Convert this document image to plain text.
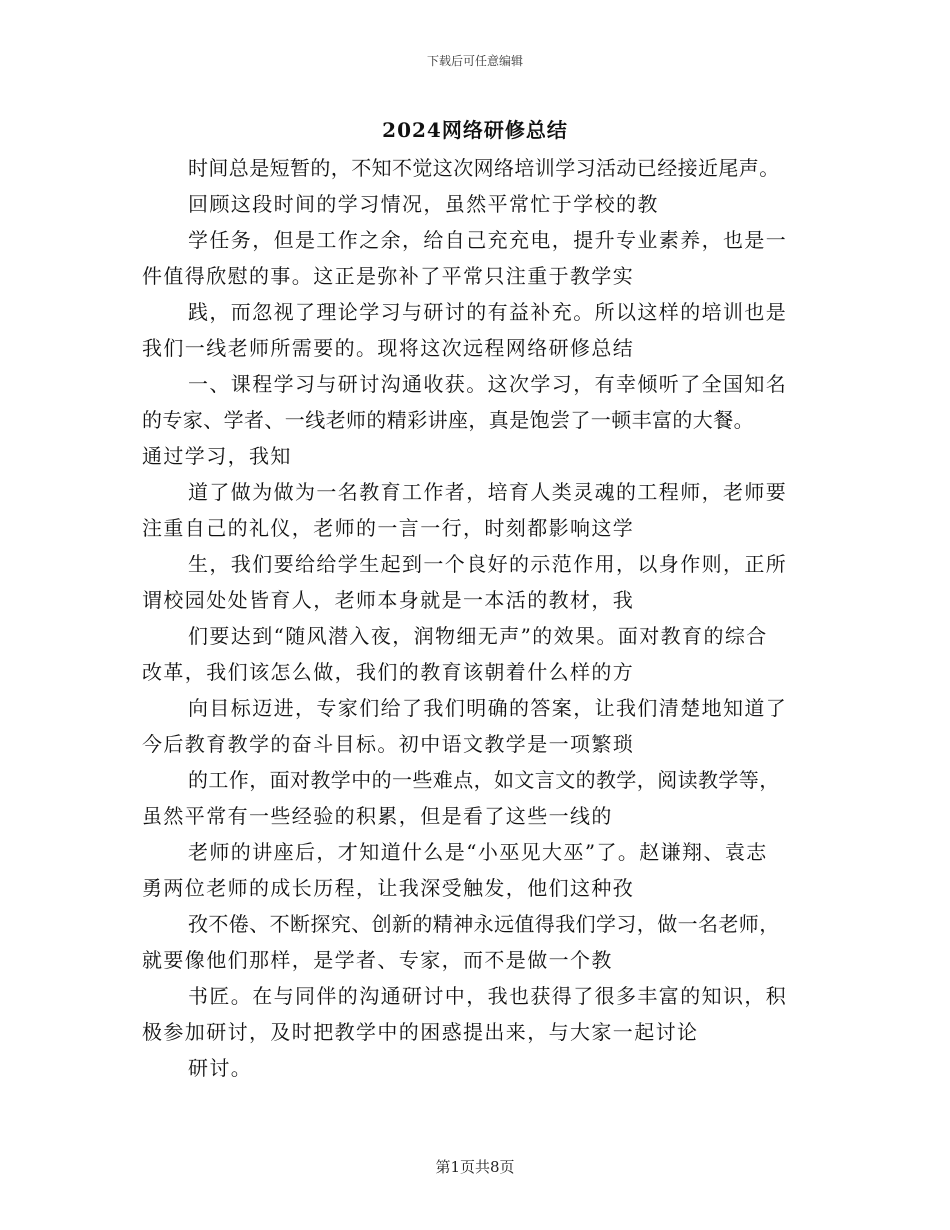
下载后可任意编辑
2024网络研修总结
时间总是短暂的，不知不觉这次网络培训学习活动已经接近尾声。
回顾这段时间的学习情况，虽然平常忙于学校的教
学任务，但是工作之余，给自己充充电，提升专业素养，也是一
件值得欣慰的事。这正是弥补了平常只注重于教学实
践，而忽视了理论学习与研讨的有益补充。所以这样的培训也是
我们一线老师所需要的。现将这次远程网络研修总结
一、课程学习与研讨沟通收获。这次学习，有幸倾听了全国知名
的专家、学者、一线老师的精彩讲座，真是饱尝了一顿丰富的大餐。
通过学习，我知
道了做为做为一名教育工作者，培育人类灵魂的工程师，老师要
注重自己的礼仪，老师的一言一行，时刻都影响这学
生，我们要给给学生起到一个良好的示范作用，以身作则，正所
谓校园处处皆育人，老师本身就是一本活的教材，我
们要达到“随风潜入夜，润物细无声”的效果。面对教育的综合
改革，我们该怎么做，我们的教育该朝着什么样的方
向目标迈进，专家们给了我们明确的答案，让我们清楚地知道了
今后教育教学的奋斗目标。初中语文教学是一项繁琐
的工作，面对教学中的一些难点，如文言文的教学，阅读教学等，
虽然平常有一些经验的积累，但是看了这些一线的
老师的讲座后，才知道什么是“小巫见大巫”了。赵谦翔、袁志
勇两位老师的成长历程，让我深受触发，他们这种孜
孜不倦、不断探究、创新的精神永远值得我们学习，做一名老师，
就要像他们那样，是学者、专家，而不是做一个教
书匠。在与同伴的沟通研讨中，我也获得了很多丰富的知识，积
极参加研讨，及时把教学中的困惑提出来，与大家一起讨论
研讨。
第1页共8页
